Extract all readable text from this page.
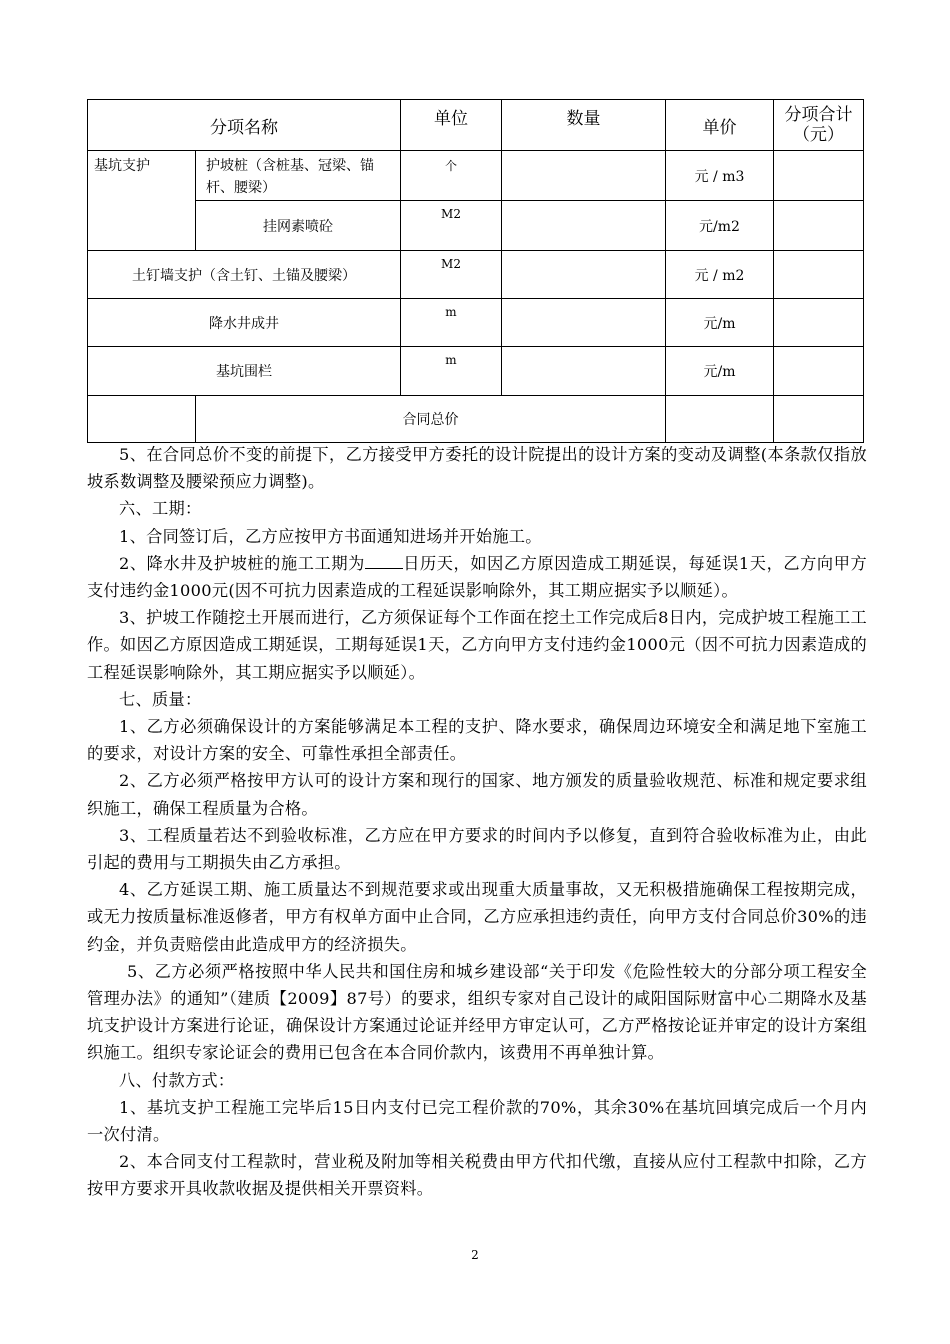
分项名称		单位	数量	单价	分项合计
（元）

基坑支护	护坡桩（含桩基、冠梁、锚杆、腰梁）	个		元 / m3	
	挂网素喷砼	M2		元/m2	
土钉墙支护（含土钉、土锚及腰梁）		M2		元 / m2	
降水井成井		m		元/m	
基坑围栏		m		元/m	
	合同总价				

5、在合同总价不变的前提下，乙方接受甲方委托的设计院提出的设计方案的变动及调整(本条款仅指放坡系数调整及腰梁预应力调整)。

六、工期：

1、合同签订后，乙方应按甲方书面通知进场并开始施工。

2、降水井及护坡桩的施工工期为 日历天，如因乙方原因造成工期延误，每延误1天，乙方向甲方支付违约金1000元(因不可抗力因素造成的工程延误影响除外，其工期应据实予以顺延）。

3、护坡工作随挖土开展而进行，乙方须保证每个工作面在挖土工作完成后8日内，完成护坡工程施工工作。如因乙方原因造成工期延误，工期每延误1天，乙方向甲方支付违约金1000元（因不可抗力因素造成的工程延误影响除外，其工期应据实予以顺延）。

七、质量：

1、乙方必须确保设计的方案能够满足本工程的支护、降水要求，确保周边环境安全和满足地下室施工的要求，对设计方案的安全、可靠性承担全部责任。

2、乙方必须严格按甲方认可的设计方案和现行的国家、地方颁发的质量验收规范、标准和规定要求组织施工，确保工程质量为合格。

3、工程质量若达不到验收标准，乙方应在甲方要求的时间内予以修复，直到符合验收标准为止，由此引起的费用与工期损失由乙方承担。

4、乙方延误工期、施工质量达不到规范要求或出现重大质量事故，又无积极措施确保工程按期完成，或无力按质量标准返修者，甲方有权单方面中止合同，乙方应承担违约责任，向甲方支付合同总价30%的违约金，并负责赔偿由此造成甲方的经济损失。

5、乙方必须严格按照中华人民共和国住房和城乡建设部“关于印发《危险性较大的分部分项工程安全管理办法》的通知”（建质【2009】87号）的要求，组织专家对自己设计的咸阳国际财富中心二期降水及基坑支护设计方案进行论证，确保设计方案通过论证并经甲方审定认可，乙方严格按论证并审定的设计方案组织施工。组织专家论证会的费用已包含在本合同价款内，该费用不再单独计算。

八、付款方式：

1、基坑支护工程施工完毕后15日内支付已完工程价款的70%，其余30%在基坑回填完成后一个月内一次付清。

2、本合同支付工程款时，营业税及附加等相关税费由甲方代扣代缴，直接从应付工程款中扣除，乙方按甲方要求开具收款收据及提供相关开票资料。

2
